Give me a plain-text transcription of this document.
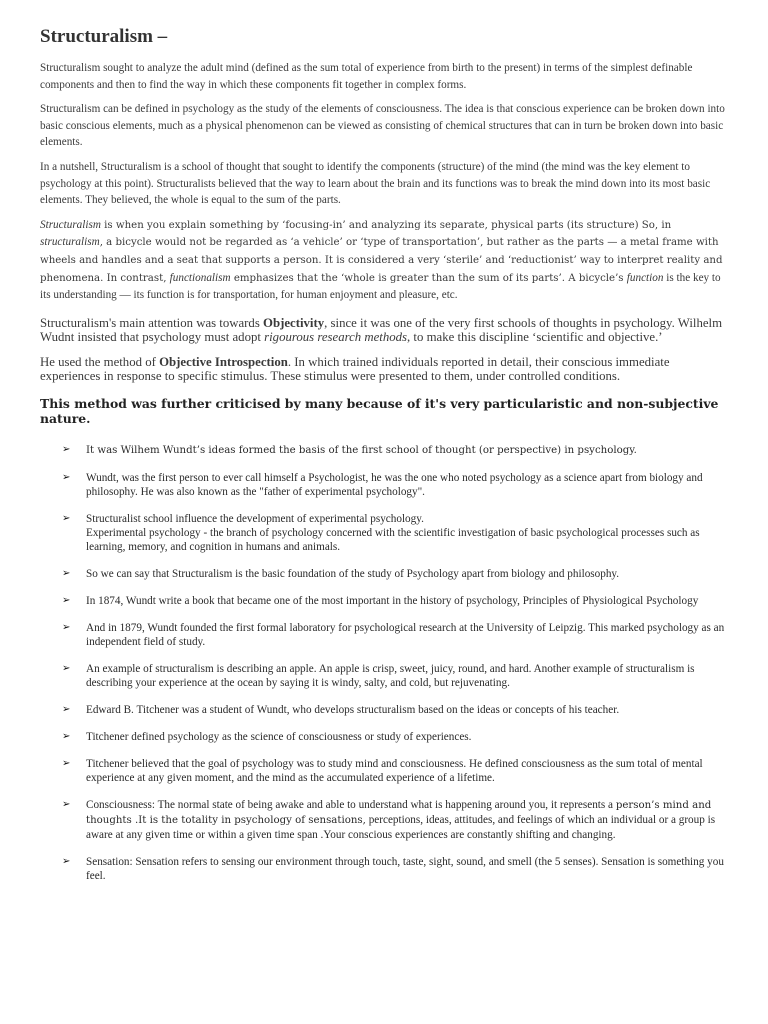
Structuralism –

Structuralism sought to analyze the adult mind (defined as the sum total of experience from birth to the present) in terms of the simplest definable components and then to find the way in which these components fit together in complex forms.

Structuralism can be defined in psychology as the study of the elements of consciousness. The idea is that conscious experience can be broken down into basic conscious elements, much as a physical phenomenon can be viewed as consisting of chemical structures that can in turn be broken down into basic elements.

In a nutshell, Structuralism is a school of thought that sought to identify the components (structure) of the mind (the mind was the key element to psychology at this point). Structuralists believed that the way to learn about the brain and its functions was to break the mind down into its most basic elements. They believed, the whole is equal to the sum of the parts.

Structuralism is when you explain something by ‘focusing-in’ and analyzing its separate, physical parts (its structure) So, in structuralism, a bicycle would not be regarded as ‘a vehicle’ or ‘type of transportation’, but rather as the parts — a metal frame with wheels and handles and a seat that supports a person. It is considered a very ‘sterile’ and ‘reductionist’ way to interpret reality and phenomena. In contrast, functionalism emphasizes that the ‘whole is greater than the sum of its parts’. A bicycle’s function is the key to its understanding — its function is for transportation, for human enjoyment and pleasure, etc.

Structuralism's main attention was towards Objectivity, since it was one of the very first schools of thoughts in psychology. Wilhelm Wudnt insisted that psychology must adopt rigourous research methods, to make this discipline ‘scientific and objective.’

He used the method of Objective Introspection. In which trained individuals reported in detail, their conscious immediate experiences in response to specific stimulus. These stimulus were presented to them, under controlled conditions.

This method was further criticised by many because of it's very particularistic and non-subjective nature.

➢ It was Wilhem Wundt’s ideas formed the basis of the first school of thought (or perspective) in psychology.
➢ Wundt, was the first person to ever call himself a Psychologist, he was the one who noted psychology as a science apart from biology and philosophy. He was also known as the "father of experimental psychology".
➢ Structuralist school influence the development of experimental psychology.
Experimental psychology - the branch of psychology concerned with the scientific investigation of basic psychological processes such as learning, memory, and cognition in humans and animals.
➢ So we can say that Structuralism is the basic foundation of the study of Psychology apart from biology and philosophy.
➢ In 1874, Wundt write a book that became one of the most important in the history of psychology, Principles of Physiological Psychology
➢ And in 1879, Wundt founded the first formal laboratory for psychological research at the University of Leipzig. This marked psychology as an independent field of study.
➢ An example of structuralism is describing an apple. An apple is crisp, sweet, juicy, round, and hard. Another example of structuralism is describing your experience at the ocean by saying it is windy, salty, and cold, but rejuvenating.
➢ Edward B. Titchener was a student of Wundt, who develops structuralism based on the ideas or concepts of his teacher.
➢ Titchener defined psychology as the science of consciousness or study of experiences.
➢ Titchener believed that the goal of psychology was to study mind and consciousness. He defined consciousness as the sum total of mental experience at any given moment, and the mind as the accumulated experience of a lifetime.
➢ Consciousness: The normal state of being awake and able to understand what is happening around you, it represents a person’s mind and thoughts .It is the totality in psychology of sensations, perceptions, ideas, attitudes, and feelings of which an individual or a group is aware at any given time or within a given time span .Your conscious experiences are constantly shifting and changing.
➢ Sensation: Sensation refers to sensing our environment through touch, taste, sight, sound, and smell (the 5 senses). Sensation is something you feel.
